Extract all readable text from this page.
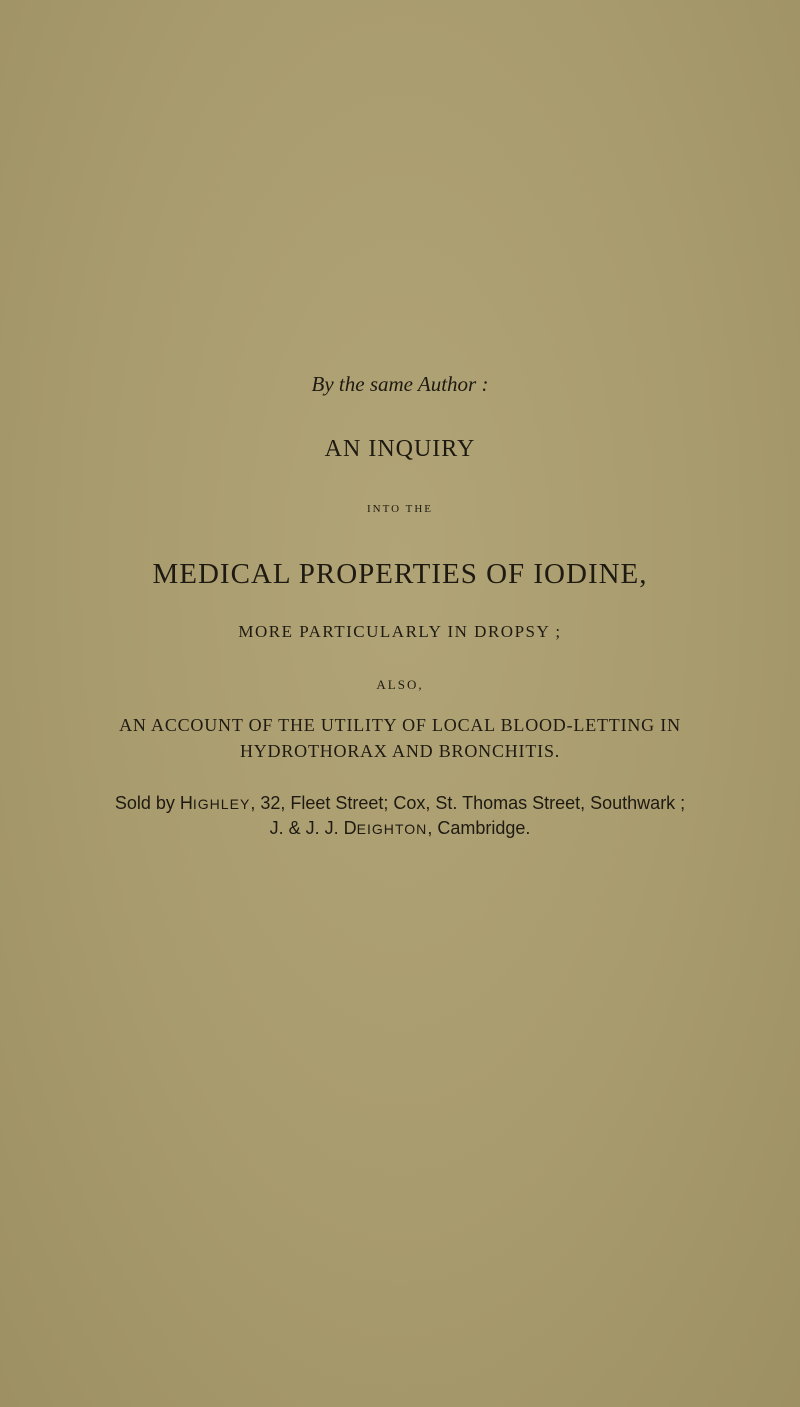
By the same Author :
AN INQUIRY
INTO THE
MEDICAL PROPERTIES OF IODINE,
MORE PARTICULARLY IN DROPSY ;
ALSO,
AN ACCOUNT OF THE UTILITY OF LOCAL BLOOD-LETTING IN
HYDROTHORAX AND BRONCHITIS.
Sold by HIGHLEY, 32, Fleet Street; Cox, St. Thomas Street, Southwark ;
J. & J. J. DEIGHTON, Cambridge.
